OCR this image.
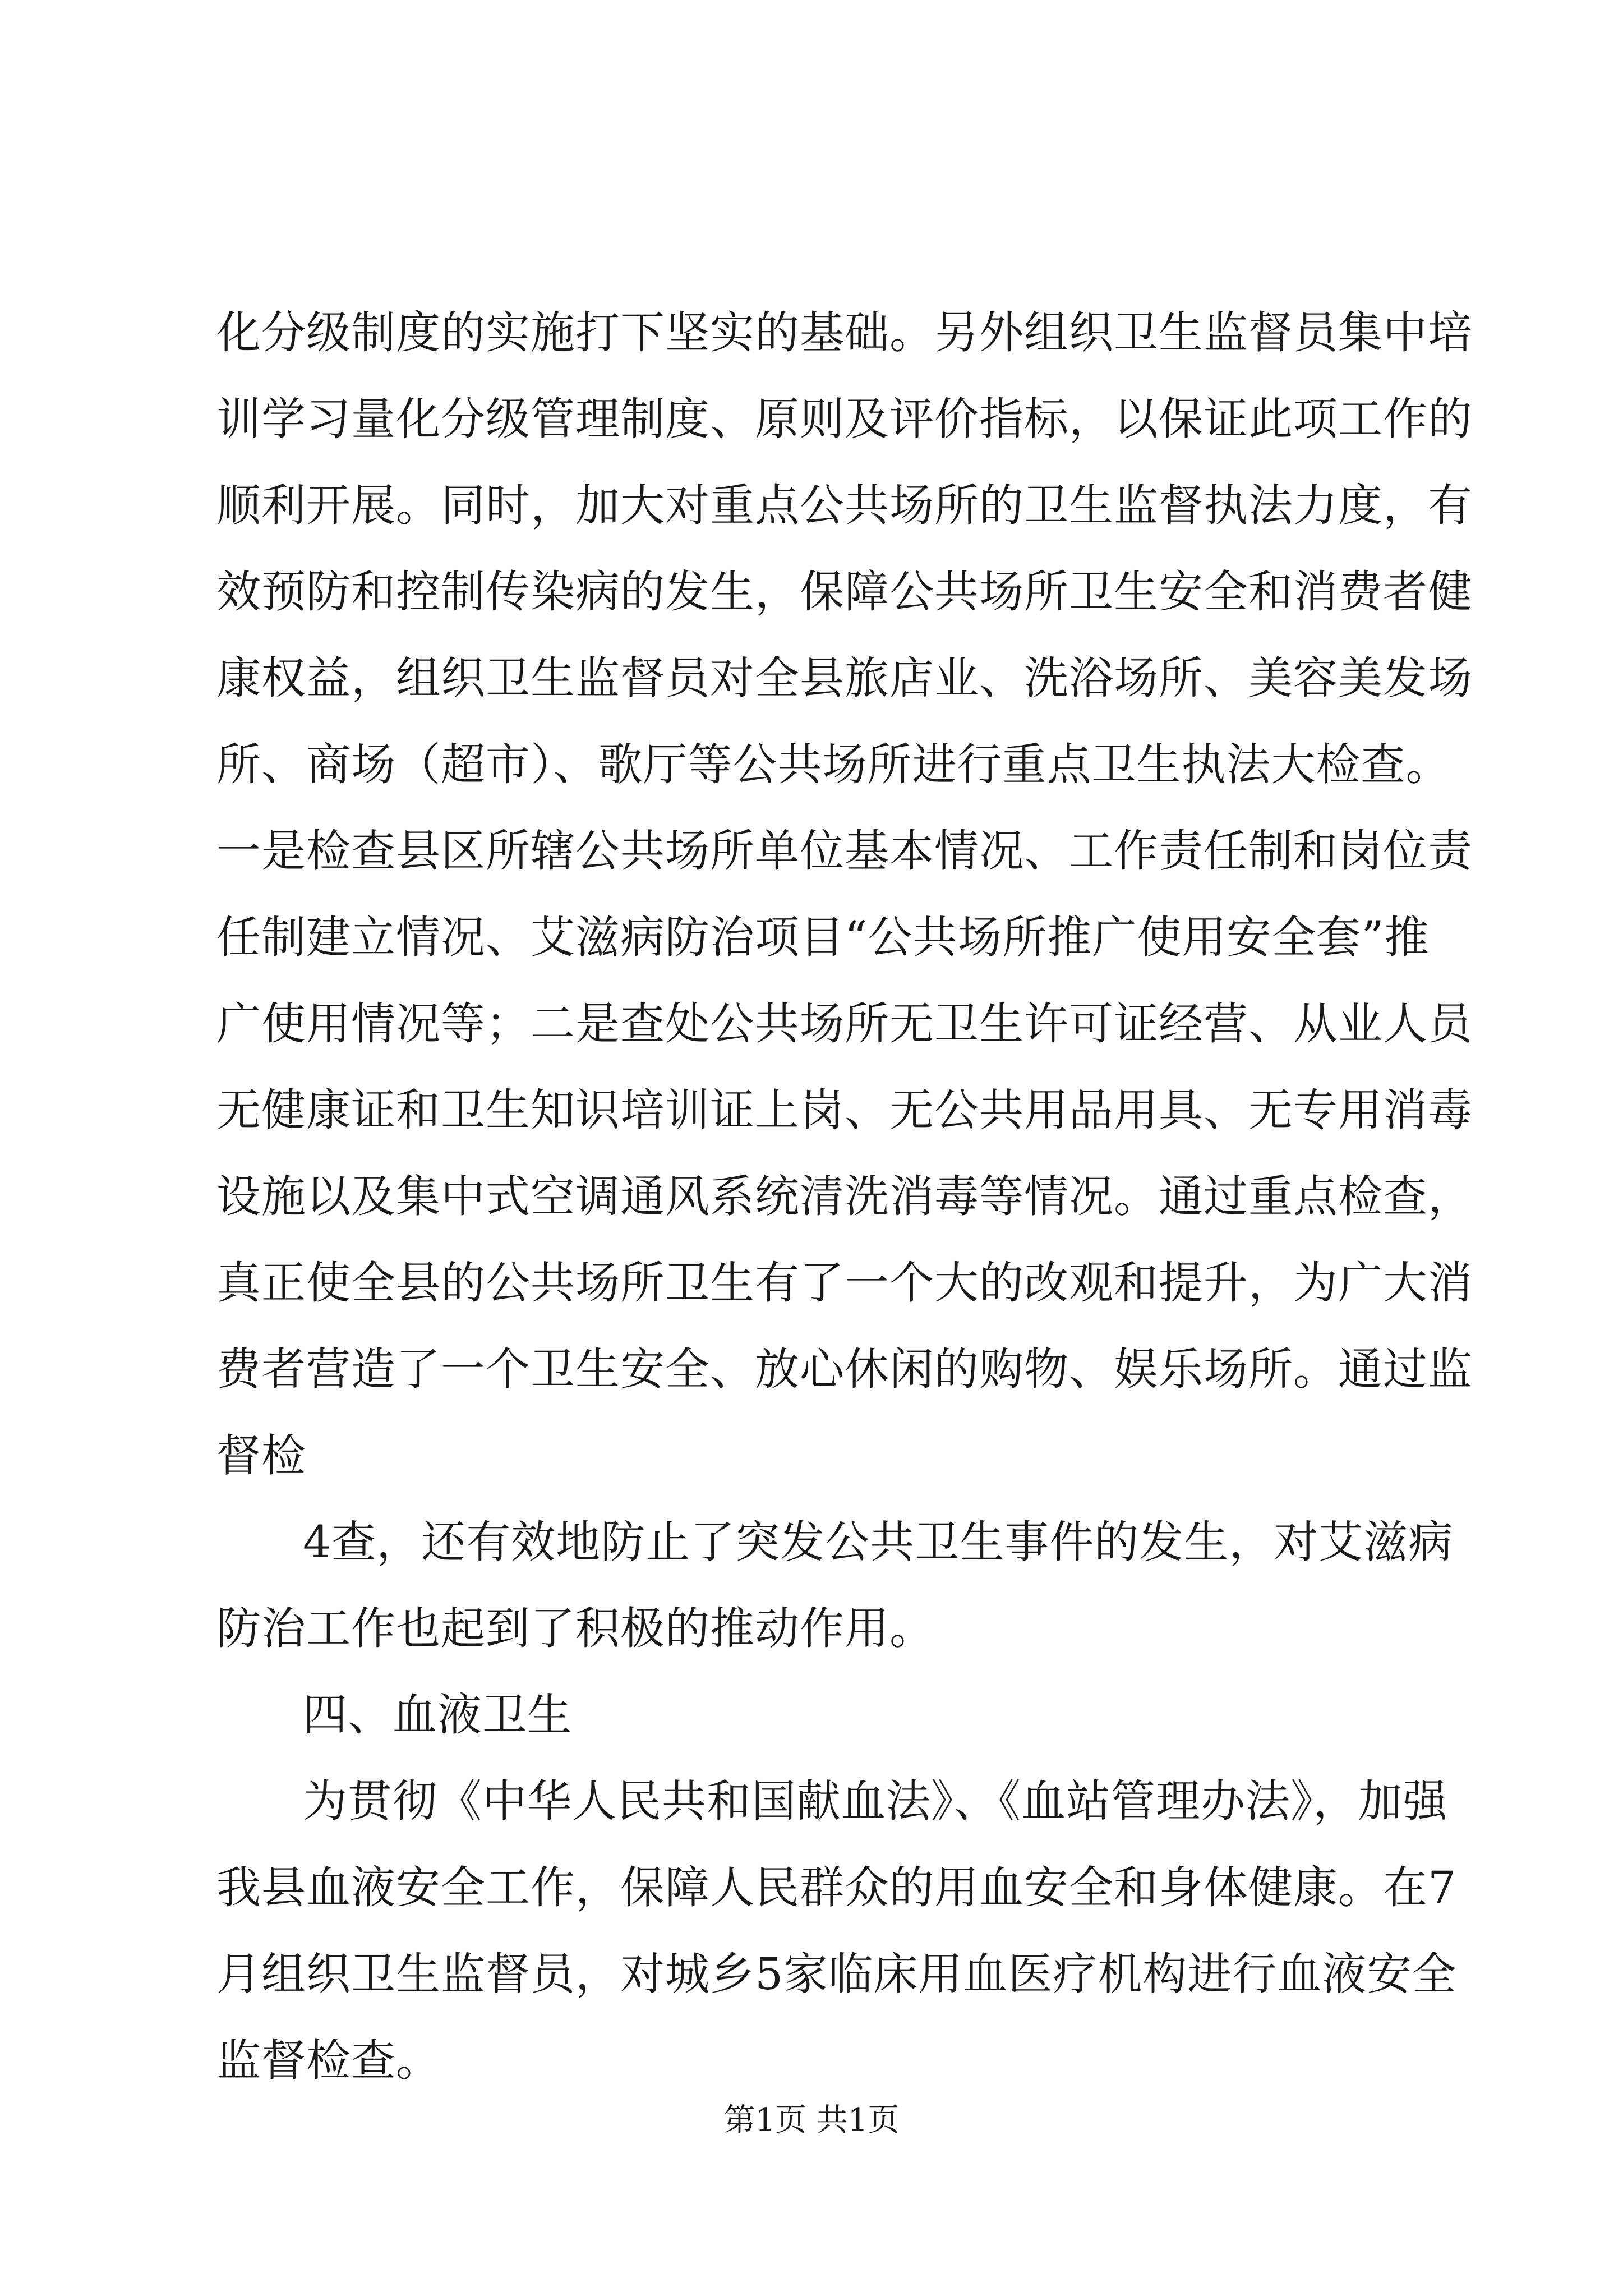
化分级制度的实施打下坚实的基础。另外组织卫生监督员集中培
训学习量化分级管理制度、原则及评价指标，以保证此项工作的
顺利开展。同时，加大对重点公共场所的卫生监督执法力度，有
效预防和控制传染病的发生，保障公共场所卫生安全和消费者健
康权益，组织卫生监督员对全县旅店业、洗浴场所、美容美发场
所、商场（超市）、歌厅等公共场所进行重点卫生执法大检查。
一是检查县区所辖公共场所单位基本情况、工作责任制和岗位责
任制建立情况、艾滋病防治项目“公共场所推广使用安全套”推
广使用情况等；二是查处公共场所无卫生许可证经营、从业人员
无健康证和卫生知识培训证上岗、无公共用品用具、无专用消毒
设施以及集中式空调通风系统清洗消毒等情况。通过重点检查，
真正使全县的公共场所卫生有了一个大的改观和提升，为广大消
费者营造了一个卫生安全、放心休闲的购物、娱乐场所。通过监
督检
4查，还有效地防止了突发公共卫生事件的发生，对艾滋病
防治工作也起到了积极的推动作用。
四、血液卫生
为贯彻《中华人民共和国献血法》、《血站管理办法》，加强
我县血液安全工作，保障人民群众的用血安全和身体健康。在7
月组织卫生监督员，对城乡5家临床用血医疗机构进行血液安全
监督检查。
第1页 共1页
